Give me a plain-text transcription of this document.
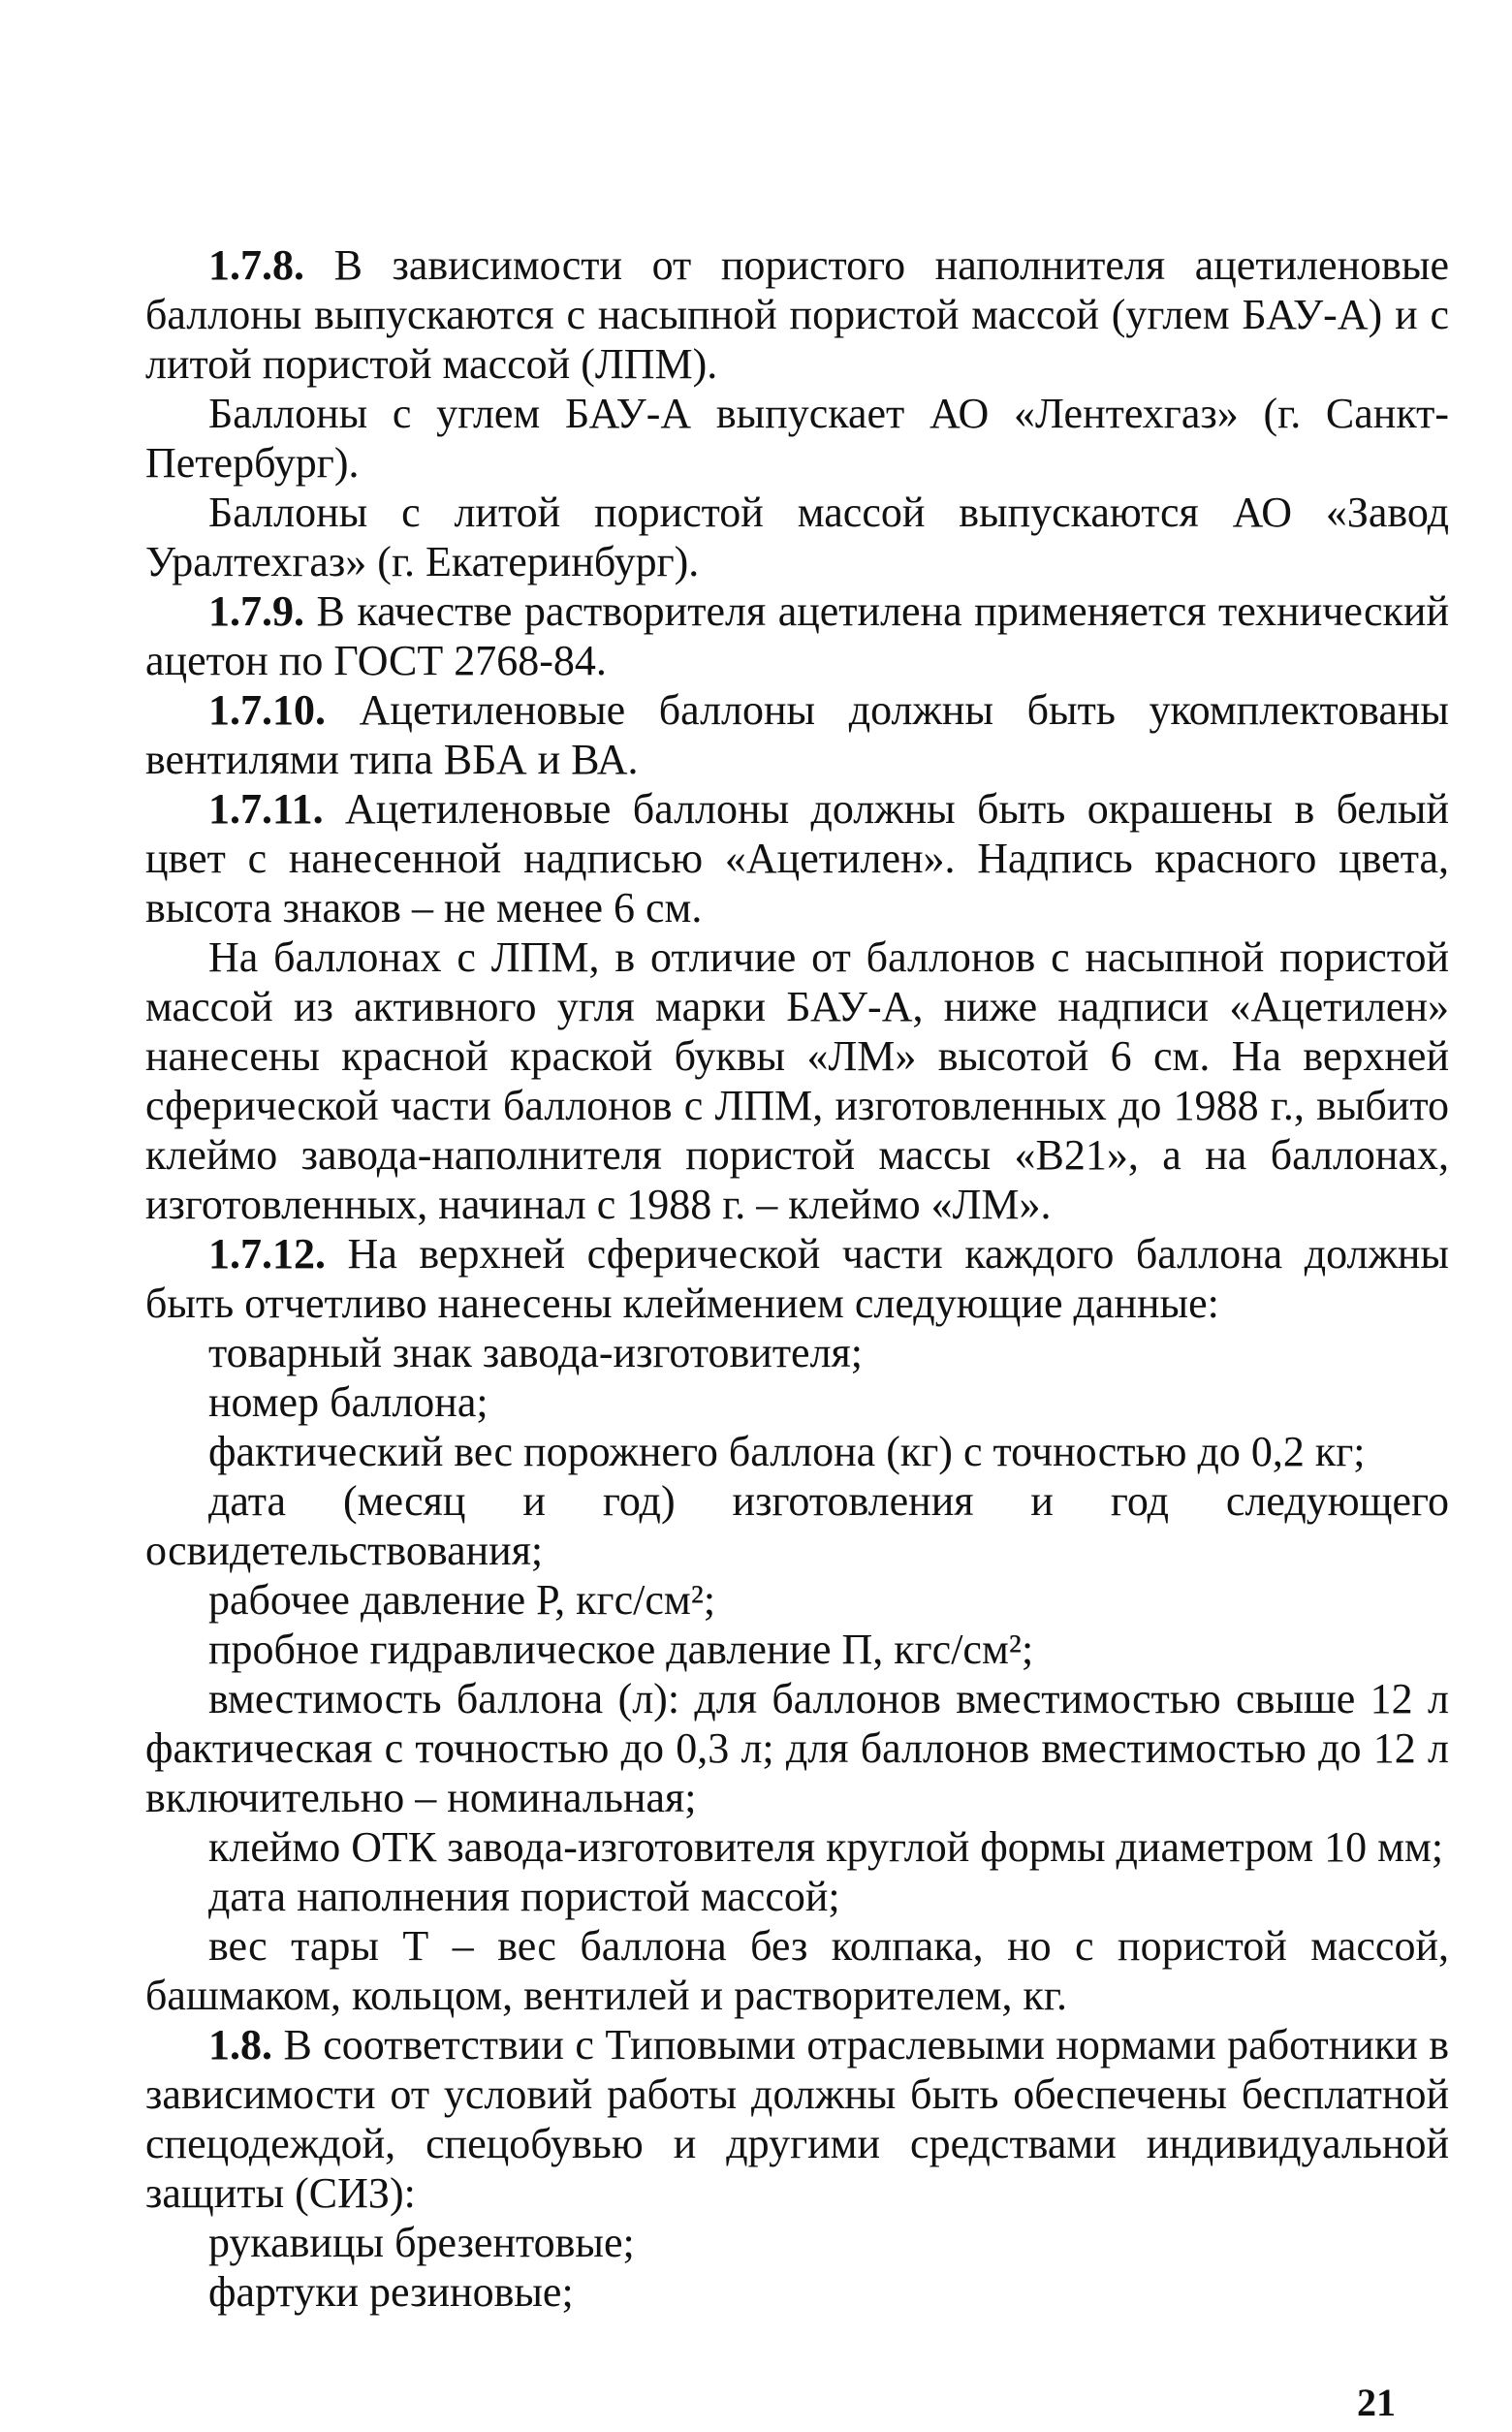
1.7.8. В зависимости от пористого наполнителя ацетиленовые баллоны выпускаются с насыпной пористой массой (углем БАУ-А) и с литой пористой массой (ЛПМ).

Баллоны с углем БАУ-А выпускает АО «Лентехгаз» (г. Санкт-Петербург).

Баллоны с литой пористой массой выпускаются АО «Завод Уралтехгаз» (г. Екатеринбург).

1.7.9. В качестве растворителя ацетилена применяется технический ацетон по ГОСТ 2768-84.

1.7.10. Ацетиленовые баллоны должны быть укомплектованы вентилями типа ВБА и ВА.

1.7.11. Ацетиленовые баллоны должны быть окрашены в белый цвет с нанесенной надписью «Ацетилен». Надпись красного цвета, высота знаков – не менее 6 см.

На баллонах с ЛПМ, в отличие от баллонов с насыпной пористой массой из активного угля марки БАУ-А, ниже надписи «Ацетилен» нанесены красной краской буквы «ЛМ» высотой 6 см. На верхней сферической части баллонов с ЛПМ, изготовленных до 1988 г., выбито клеймо завода-наполнителя пористой массы «В21», а на баллонах, изготовленных, начинал с 1988 г. – клеймо «ЛМ».

1.7.12. На верхней сферической части каждого баллона должны быть отчетливо нанесены клеймением следующие данные:

товарный знак завода-изготовителя;

номер баллона;

фактический вес порожнего баллона (кг) с точностью до 0,2 кг;

дата (месяц и год) изготовления и год следующего освидетельствования;

рабочее давление Р, кгс/см²;

пробное гидравлическое давление П, кгс/см²;

вместимость баллона (л): для баллонов вместимостью свыше 12 л фактическая с точностью до 0,3 л; для баллонов вместимостью до 12 л включительно – номинальная;

клеймо ОТК завода-изготовителя круглой формы диаметром 10 мм;

дата наполнения пористой массой;

вес тары Т – вес баллона без колпака, но с пористой массой, башмаком, кольцом, вентилей и растворителем, кг.

1.8. В соответствии с Типовыми отраслевыми нормами работники в зависимости от условий работы должны быть обеспечены бесплатной спецодеждой, спецобувью и другими средствами индивидуальной защиты (СИЗ):

рукавицы брезентовые;

фартуки резиновые;

21
